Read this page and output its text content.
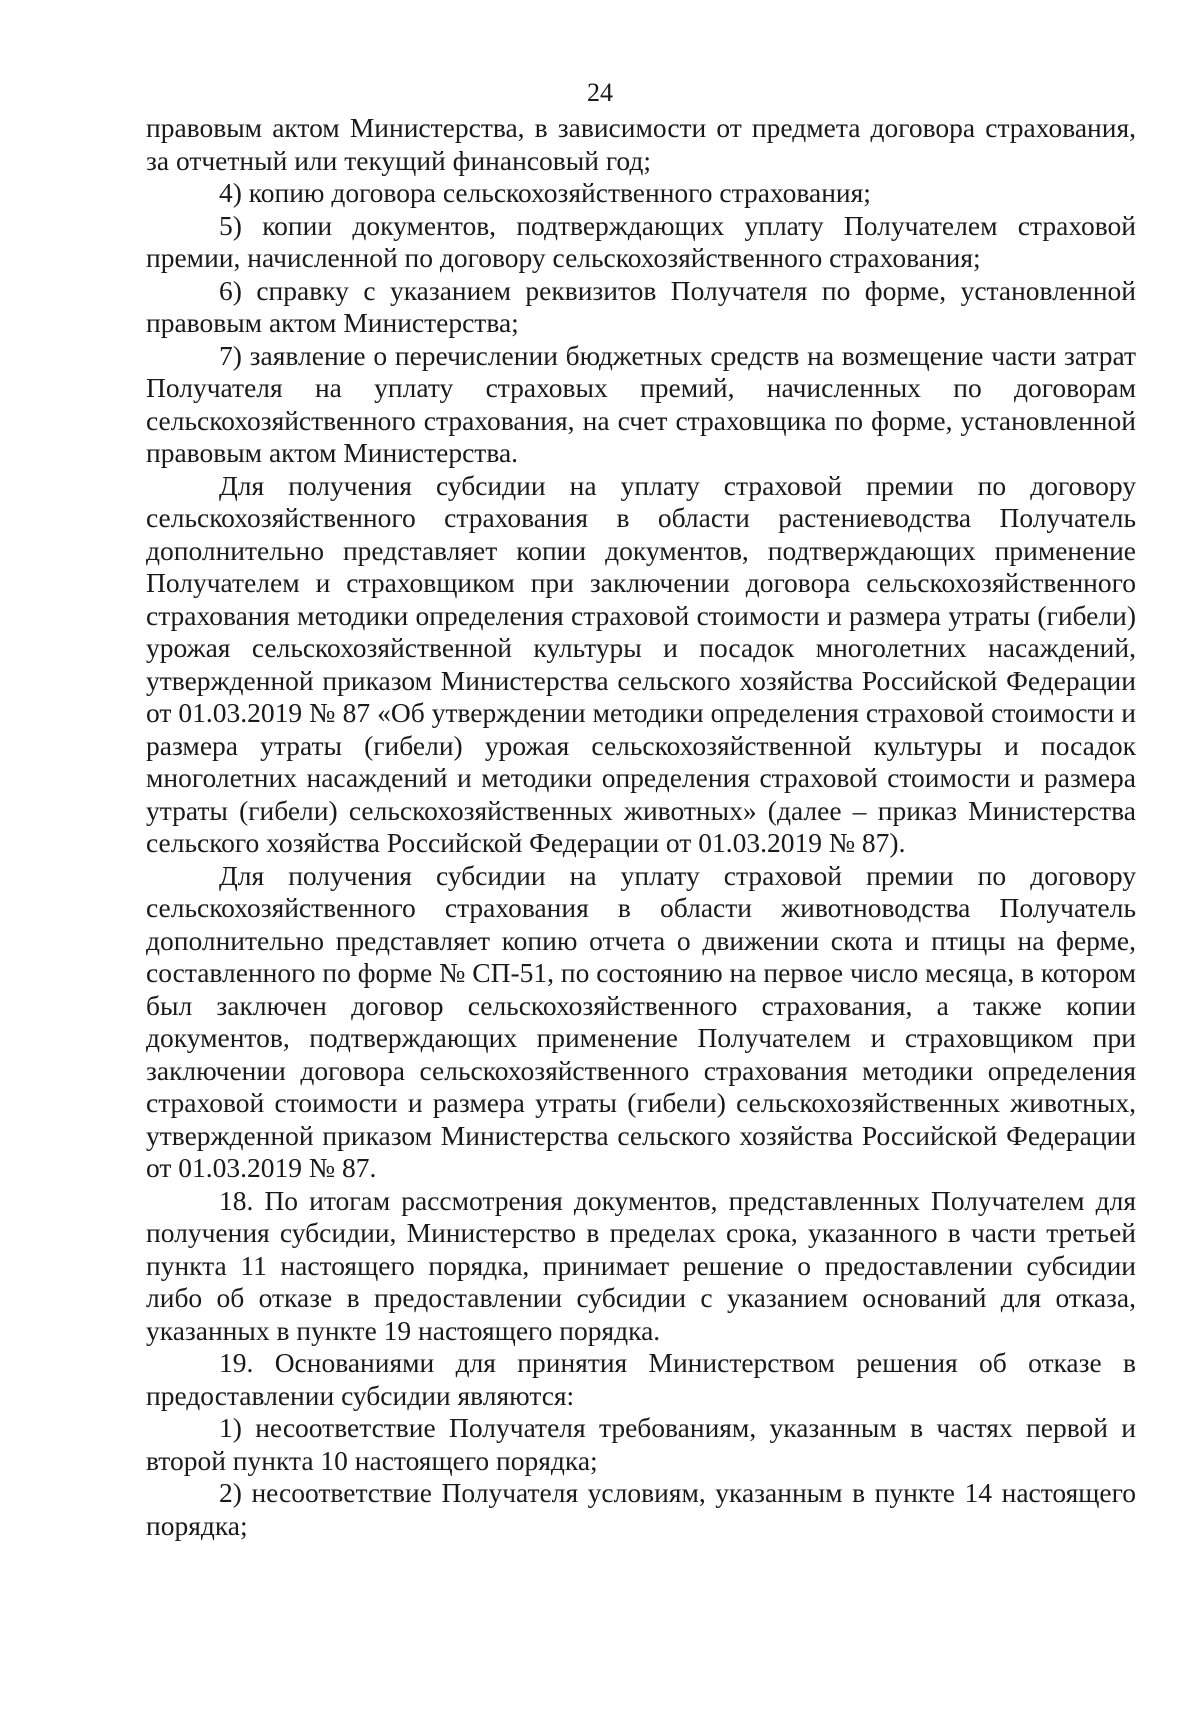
24

правовым актом Министерства, в зависимости от предмета договора страхования, за отчетный или текущий финансовый год;

4) копию договора сельскохозяйственного страхования;

5) копии документов, подтверждающих уплату Получателем страховой премии, начисленной по договору сельскохозяйственного страхования;

6) справку с указанием реквизитов Получателя по форме, установленной правовым актом Министерства;

7) заявление о перечислении бюджетных средств на возмещение части затрат Получателя на уплату страховых премий, начисленных по договорам сельскохозяйственного страхования, на счет страховщика по форме, установленной правовым актом Министерства.

Для получения субсидии на уплату страховой премии по договору сельскохозяйственного страхования в области растениеводства Получатель дополнительно представляет копии документов, подтверждающих применение Получателем и страховщиком при заключении договора сельскохозяйственного страхования методики определения страховой стоимости и размера утраты (гибели) урожая сельскохозяйственной культуры и посадок многолетних насаждений, утвержденной приказом Министерства сельского хозяйства Российской Федерации от 01.03.2019 № 87 «Об утверждении методики определения страховой стоимости и размера утраты (гибели) урожая сельскохозяйственной культуры и посадок многолетних насаждений и методики определения страховой стоимости и размера утраты (гибели) сельскохозяйственных животных» (далее – приказ Министерства сельского хозяйства Российской Федерации от 01.03.2019 № 87).

Для получения субсидии на уплату страховой премии по договору сельскохозяйственного страхования в области животноводства Получатель дополнительно представляет копию отчета о движении скота и птицы на ферме, составленного по форме № СП-51, по состоянию на первое число месяца, в котором был заключен договор сельскохозяйственного страхования, а также копии документов, подтверждающих применение Получателем и страховщиком при заключении договора сельскохозяйственного страхования методики определения страховой стоимости и размера утраты (гибели) сельскохозяйственных животных, утвержденной приказом Министерства сельского хозяйства Российской Федерации от 01.03.2019 № 87.

18. По итогам рассмотрения документов, представленных Получателем для получения субсидии, Министерство в пределах срока, указанного в части третьей пункта 11 настоящего порядка, принимает решение о предоставлении субсидии либо об отказе в предоставлении субсидии с указанием оснований для отказа, указанных в пункте 19 настоящего порядка.

19. Основаниями для принятия Министерством решения об отказе в предоставлении субсидии являются:

1) несоответствие Получателя требованиям, указанным в частях первой и второй пункта 10 настоящего порядка;

2) несоответствие Получателя условиям, указанным в пункте 14 настоящего порядка;
